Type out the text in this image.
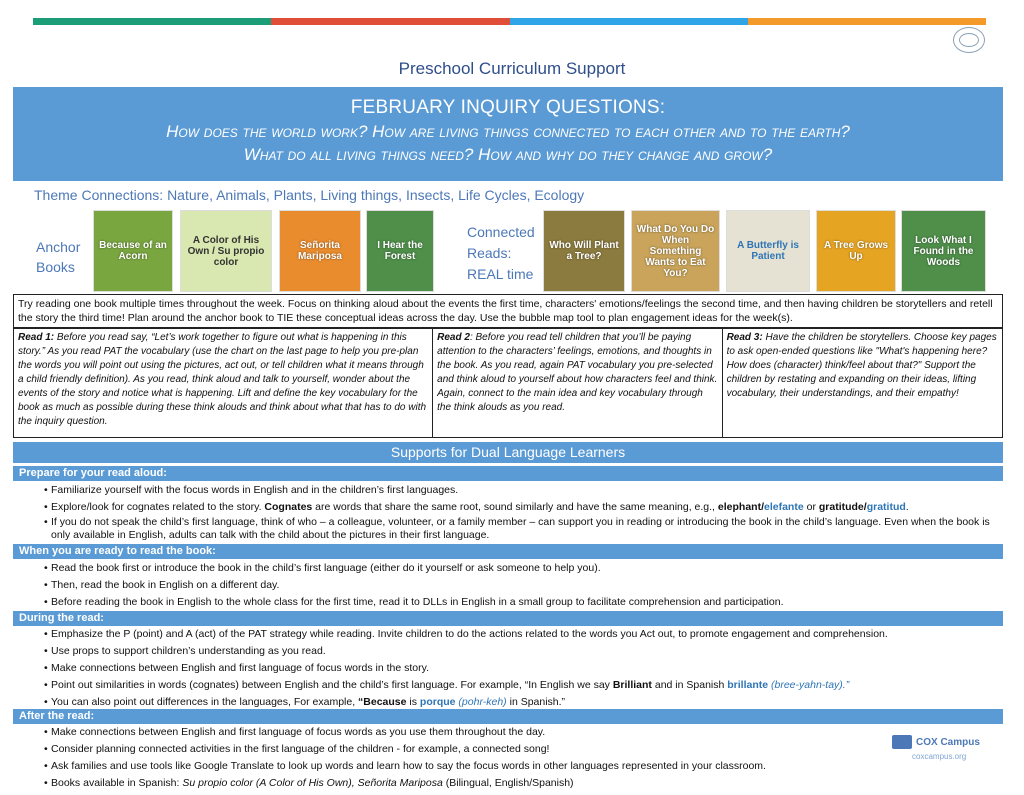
Preschool Curriculum Support
FEBRUARY INQUIRY QUESTIONS:
How does the world work? How are living things connected to each other and to the earth?
What do all living things need? How and why do they change and grow?
Theme Connections: Nature, Animals, Plants, Living things, Insects, Life Cycles, Ecology
Anchor
Books
Because of an Acorn
A Color of His Own / Su propio color
Señorita Mariposa
I Hear the Forest
Connected
Reads:
REAL time
Who Will Plant a Tree?
What Do You Do When Something Wants to Eat You?
A Butterfly is Patient
A Tree Grows Up
Look What I Found in the Woods
Try reading one book multiple times throughout the week. Focus on thinking aloud about the events the first time, characters' emotions/feelings the second time, and then having children be storytellers and retell the story the third time! Plan around the anchor book to TIE these conceptual ideas across the day. Use the bubble map tool to plan engagement ideas for the week(s).
Read 1: Before you read say, “Let’s work together to figure out what is happening in this story.” As you read PAT the vocabulary (use the chart on the last page to help you pre-plan the words you will point out using the pictures, act out, or tell children what it means through a child friendly definition). As you read, think aloud and talk to yourself, wonder about the events of the story and notice what is happening. Lift and define the key vocabulary for the book as much as possible during these think alouds and think about what that has to do with the inquiry question.
Read 2: Before you read tell children that you’ll be paying attention to the characters’ feelings, emotions, and thoughts in the book. As you read, again PAT vocabulary you pre-selected and think aloud to yourself about how characters feel and think. Again, connect to the main idea and key vocabulary through the think alouds as you read.
Read 3: Have the children be storytellers. Choose key pages to ask open-ended questions like "What's happening here? How does (character) think/feel about that?" Support the children by restating and expanding on their ideas, lifting vocabulary, their understandings, and their empathy!
Supports for Dual Language Learners
Prepare for your read aloud:
• Familiarize yourself with the focus words in English and in the children’s first languages.
• Explore/look for cognates related to the story. Cognates are words that share the same root, sound similarly and have the same meaning, e.g., elephant/elefante or gratitude/gratitud.
• If you do not speak the child’s first language, think of who – a colleague, volunteer, or a family member – can support you in reading or introducing the book in the child’s language. Even when the book is only available in English, adults can talk with the child about the pictures in their first language.
When you are ready to read the book:
• Read the book first or introduce the book in the child’s first language (either do it yourself or ask someone to help you).
• Then, read the book in English on a different day.
• Before reading the book in English to the whole class for the first time, read it to DLLs in English in a small group to facilitate comprehension and participation.
During the read:
• Emphasize the P (point) and A (act) of the PAT strategy while reading. Invite children to do the actions related to the words you Act out, to promote engagement and comprehension.
• Use props to support children’s understanding as you read.
• Make connections between English and first language of focus words in the story.
• Point out similarities in words (cognates) between English and the child’s first language. For example, “In English we say Brilliant and in Spanish brillante (bree-yahn-tay).”
• You can also point out differences in the languages, For example, “Because is porque (pohr-keh) in Spanish.”
After the read:
• Make connections between English and first language of focus words as you use them throughout the day.
• Consider planning connected activities in the first language of the children - for example, a connected song!
• Ask families and use tools like Google Translate to look up words and learn how to say the focus words in other languages represented in your classroom.
• Books available in Spanish: Su propio color (A Color of His Own), Señorita Mariposa (Bilingual, English/Spanish)
COX Campus
coxcampus.org
